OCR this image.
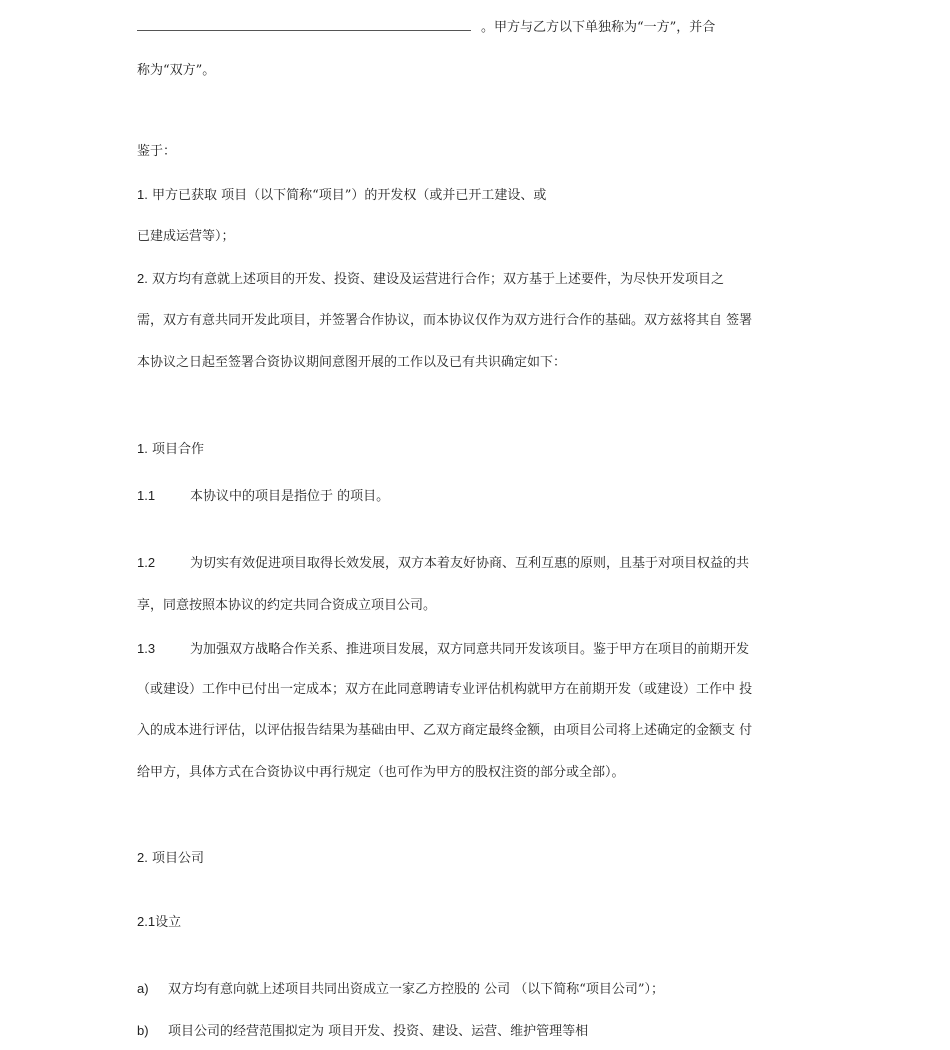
。甲方与乙方以下单独称为“一方”，并合
称为“双方”。
鉴于：
1. 甲方已获取 项目（以下简称“项目”）的开发权（或并已开工建设、或
已建成运营等）；
2. 双方均有意就上述项目的开发、投资、建设及运营进行合作；双方基于上述要件，为尽快开发项目之
需，双方有意共同开发此项目，并签署合作协议，而本协议仅作为双方进行合作的基础。双方兹将其自 签署
本协议之日起至签署合资协议期间意图开展的工作以及已有共识确定如下：
1. 项目合作
1.1	本协议中的项目是指位于 的项目。
1.2	为切实有效促进项目取得长效发展，双方本着友好协商、互利互惠的原则，且基于对项目权益的共
享，同意按照本协议的约定共同合资成立项目公司。
1.3	为加强双方战略合作关系、推进项目发展，双方同意共同开发该项目。鉴于甲方在项目的前期开发
（或建设）工作中已付出一定成本；双方在此同意聘请专业评估机构就甲方在前期开发（或建设）工作中 投
入的成本进行评估，以评估报告结果为基础由甲、乙双方商定最终金额，由项目公司将上述确定的金额支 付
给甲方，具体方式在合资协议中再行规定（也可作为甲方的股权注资的部分或全部）。
2. 项目公司
2.1设立
a) 双方均有意向就上述项目共同出资成立一家乙方控股的 公司 （以下简称“项目公司”）；
b) 项目公司的经营范围拟定为 项目开发、投资、建设、运营、维护管理等相
